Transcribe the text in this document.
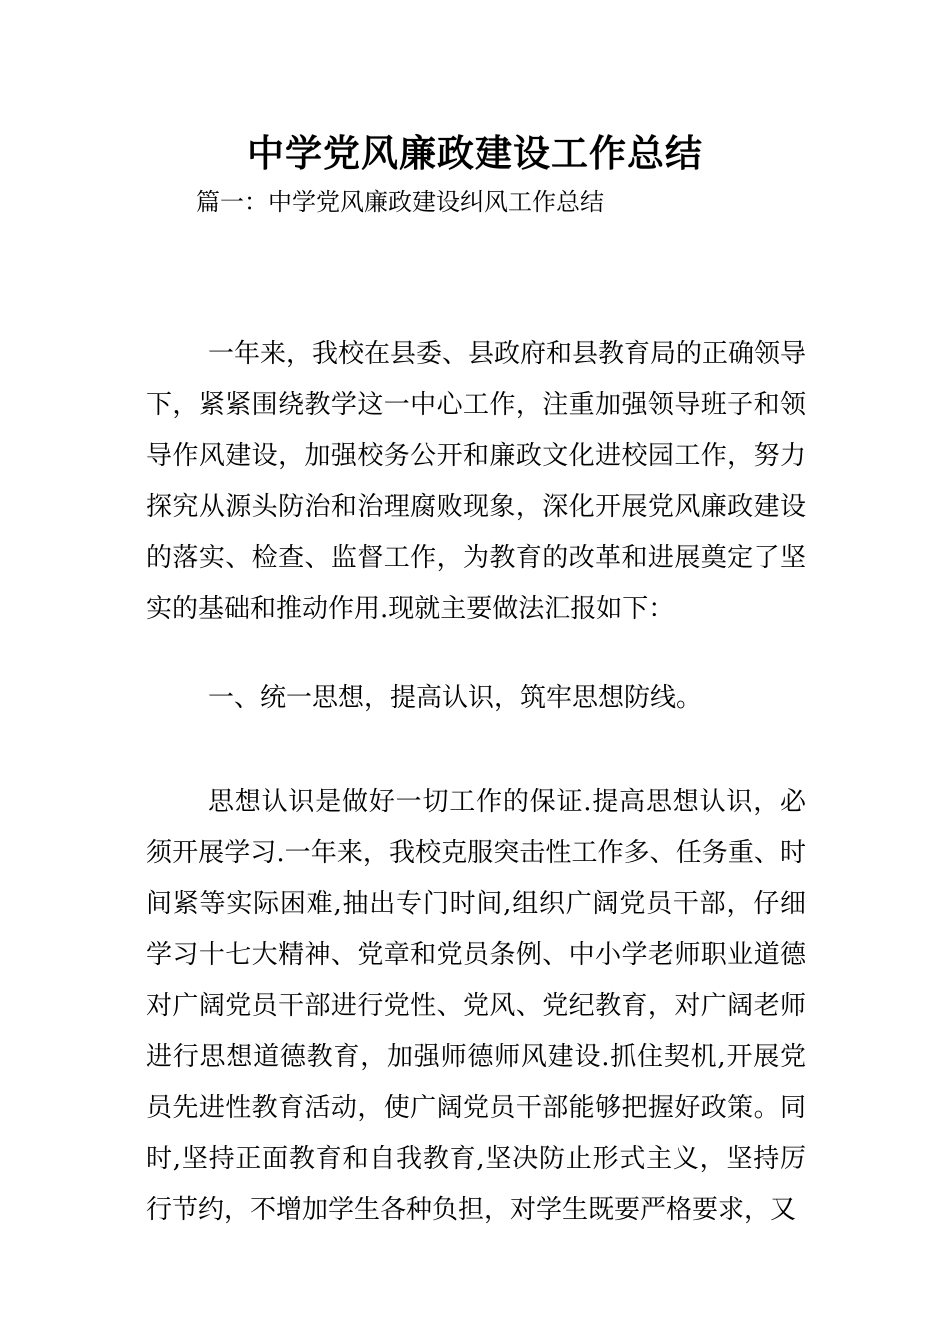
中学党风廉政建设工作总结
篇一：中学党风廉政建设纠风工作总结

一年来，我校在县委、县政府和县教育局的正确领导下，紧紧围绕教学这一中心工作，注重加强领导班子和领导作风建设，加强校务公开和廉政文化进校园工作，努力探究从源头防治和治理腐败现象，深化开展党风廉政建设的落实、检查、监督工作，为教育的改革和进展奠定了坚实的基础和推动作用.现就主要做法汇报如下：

一、统一思想，提高认识，筑牢思想防线。

思想认识是做好一切工作的保证.提高思想认识，必须开展学习.一年来，我校克服突击性工作多、任务重、时间紧等实际困难,抽出专门时间,组织广阔党员干部，仔细学习十七大精神、党章和党员条例、中小学老师职业道德对广阔党员干部进行党性、党风、党纪教育，对广阔老师进行思想道德教育，加强师德师风建设.抓住契机,开展党员先进性教育活动，使广阔党员干部能够把握好政策。同时,坚持正面教育和自我教育,坚决防止形式主义，坚持厉行节约，不增加学生各种负担，对学生既要严格要求，又
